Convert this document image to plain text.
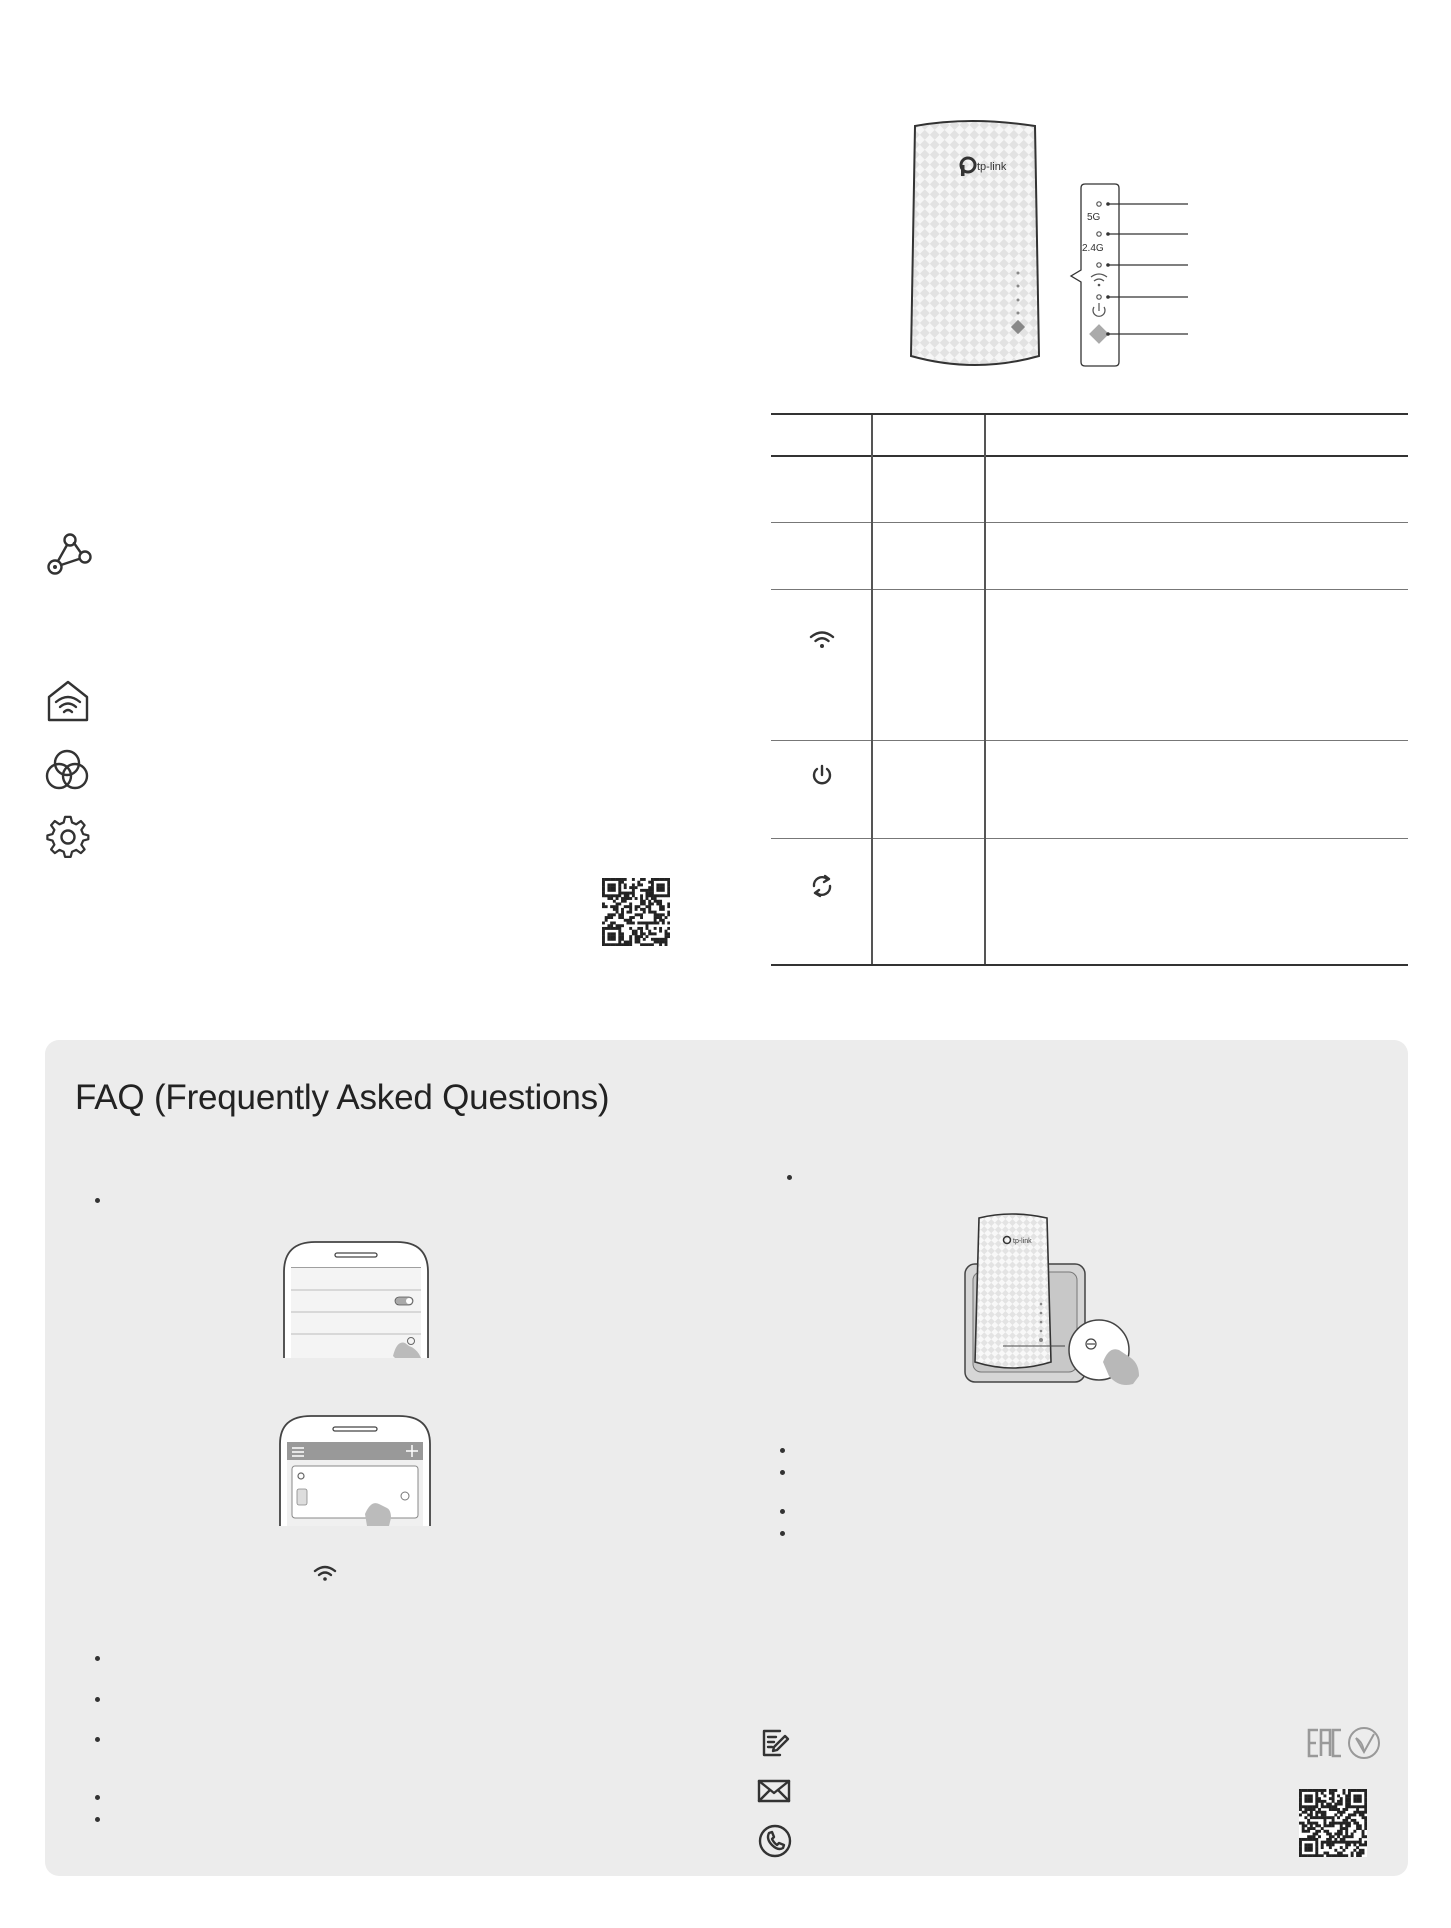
tp-link
5G
2.4G
FAQ (Frequently Asked Questions)
tp-link
